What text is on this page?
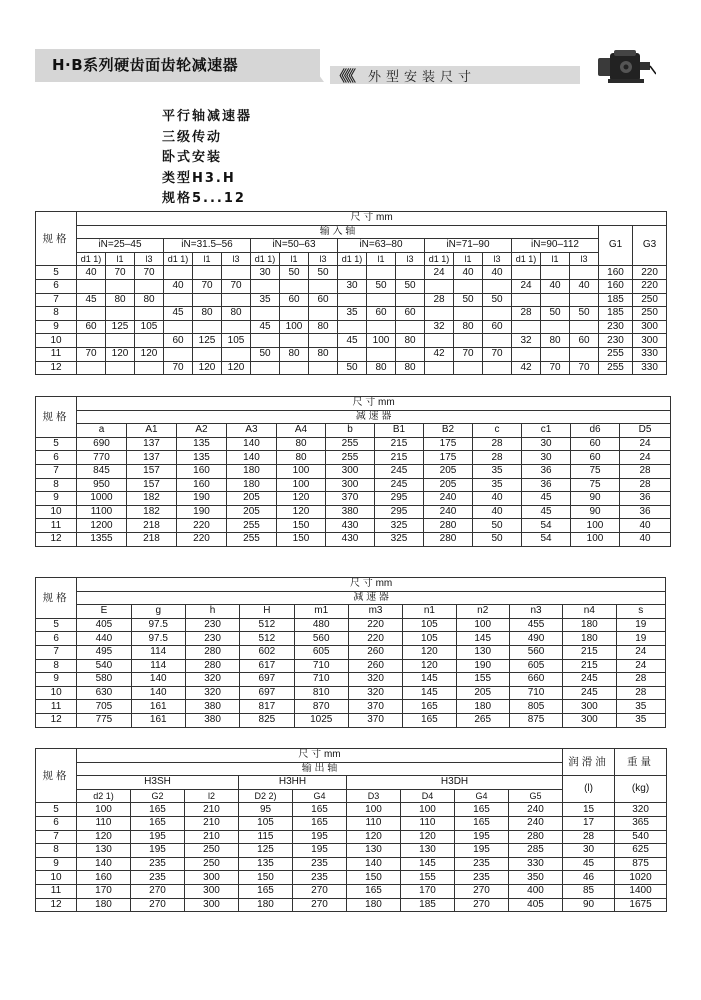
H·B系列硬齿面齿轮减速器
《《《 外型安装尺寸
平行轴减速器
三级传动
卧式安装
类型H3.H
规格5...12
规格	尺 寸 mm																			
	输 入 轴																		G1	G3
	iN=25–45			iN=31.5–56			iN=50–63			iN=63–80			iN=71–90			iN=90–112				
	d1 1)	l1	l3	d1 1)	l1	l3	d1 1)	l1	l3	d1 1)	l1	l3	d1 1)	l1	l3	d1 1)	l1	l3		
5	40	70	70				30	50	50				24	40	40				160	220
6				40	70	70				30	50	50				24	40	40	160	220
7	45	80	80				35	60	60				28	50	50				185	250
8				45	80	80				35	60	60				28	50	50	185	250
9	60	125	105				45	100	80				32	80	60				230	300
10				60	125	105				45	100	80				32	80	60	230	300
11	70	120	120				50	80	80				42	70	70				255	330
12				70	120	120				50	80	80				42	70	70	255	330
规格	尺 寸 mm											
	减 速 器											
	a	A1	A2	A3	A4	b	B1	B2	c	c1	d6	D5
5	690	137	135	140	80	255	215	175	28	30	60	24
6	770	137	135	140	80	255	215	175	28	30	60	24
7	845	157	160	180	100	300	245	205	35	36	75	28
8	950	157	160	180	100	300	245	205	35	36	75	28
9	1000	182	190	205	120	370	295	240	40	45	90	36
10	1100	182	190	205	120	380	295	240	40	45	90	36
11	1200	218	220	255	150	430	325	280	50	54	100	40
12	1355	218	220	255	150	430	325	280	50	54	100	40
规格	尺 寸 mm										
	减 速 器										
	E	g	h	H	m1	m3	n1	n2	n3	n4	s
5	405	97.5	230	512	480	220	105	100	455	180	19
6	440	97.5	230	512	560	220	105	145	490	180	19
7	495	114	280	602	605	260	120	130	560	215	24
8	540	114	280	617	710	260	120	190	605	215	24
9	580	140	320	697	710	320	145	155	660	245	28
10	630	140	320	697	810	320	145	205	710	245	28
11	705	161	380	817	870	370	165	180	805	300	35
12	775	161	380	825	1025	370	165	265	875	300	35
规格	尺 寸 mm									润滑油	重量
	输 出 轴										
	H3SH			H3HH		H3DH				(l)	(kg)
	d2 1)	G2	l2	D2 2)	G4	D3	D4	G4	G5		
5	100	165	210	95	165	100	100	165	240	15	320
6	110	165	210	105	165	110	110	165	240	17	365
7	120	195	210	115	195	120	120	195	280	28	540
8	130	195	250	125	195	130	130	195	285	30	625
9	140	235	250	135	235	140	145	235	330	45	875
10	160	235	300	150	235	150	155	235	350	46	1020
11	170	270	300	165	270	165	170	270	400	85	1400
12	180	270	300	180	270	180	185	270	405	90	1675
